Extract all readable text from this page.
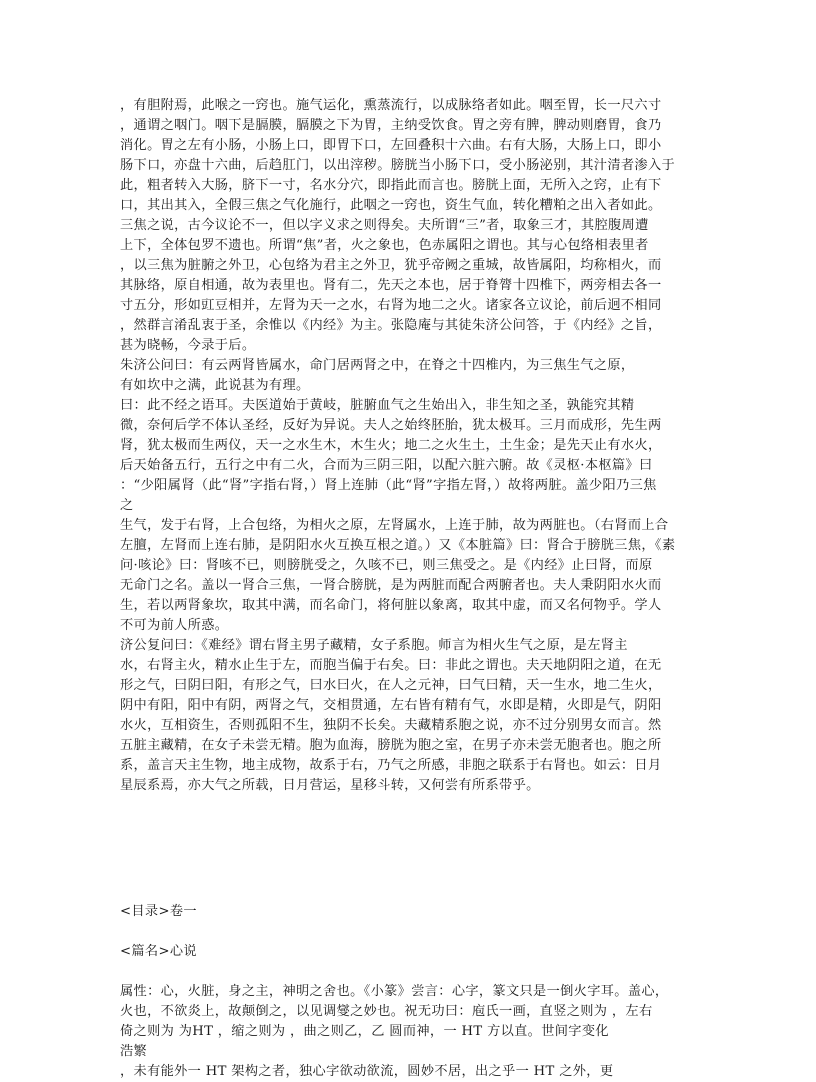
，有胆附焉，此喉之一窍也。施气运化，熏蒸流行，以成脉络者如此。咽至胃，长一尺六寸
，通谓之咽门。咽下是膈膜，膈膜之下为胃，主纳受饮食。胃之旁有脾，脾动则磨胃，食乃
消化。胃之左有小肠，小肠上口，即胃下口，左回叠积十六曲。右有大肠，大肠上口，即小
肠下口，亦盘十六曲，后趋肛门，以出滓秽。膀胱当小肠下口，受小肠泌别，其汁清者渗入于
此，粗者转入大肠，脐下一寸，名水分穴，即指此而言也。膀胱上面，无所入之窍，止有下
口，其出其入，全假三焦之气化施行，此咽之一窍也，资生气血，转化糟粕之出入者如此。
三焦之说，古今议论不一，但以字义求之则得矣。夫所谓“三”者，取象三才，其腔腹周遭
上下，全体包罗不遗也。所谓“焦”者，火之象也，色赤属阳之谓也。其与心包络相表里者
，以三焦为脏腑之外卫，心包络为君主之外卫，犹乎帝阙之重城，故皆属阳，均称相火，而
其脉络，原自相通，故为表里也。肾有二，先天之本也，居于脊膂十四椎下，两旁相去各一
寸五分，形如豇豆相并，左肾为天一之水，右肾为地二之火。诸家各立议论，前后迥不相同
，然群言淆乱衷于圣，余惟以《内经》为主。张隐庵与其徒朱济公问答，于《内经》之旨，
甚为晓畅，今录于后。
朱济公问曰：有云两肾皆属水，命门居两肾之中，在脊之十四椎内，为三焦生气之原，
有如坎中之满，此说甚为有理。
曰：此不经之语耳。夫医道始于黄岐，脏腑血气之生始出入，非生知之圣，孰能究其精
微，奈何后学不体认圣经，反好为异说。夫人之始终胚胎，犹太极耳。三月而成形，先生两
肾，犹太极而生两仪，天一之水生木，木生火；地二之火生土，土生金；是先天止有水火，
后天始备五行，五行之中有二火，合而为三阴三阳，以配六脏六腑。故《灵枢·本枢篇》曰
：“少阳属肾（此“肾”字指右肾，）肾上连肺（此“肾”字指左肾，）故将两脏。盖少阳乃三焦
之
生气，发于右肾，上合包络，为相火之原，左肾属水，上连于肺，故为两脏也。（右肾而上合
左膻，左肾而上连右肺，是阴阳水火互换互根之道。）又《本脏篇》曰：肾合于膀胱三焦，《素
问·咳论》曰：肾咳不已，则膀胱受之，久咳不已，则三焦受之。是《内经》止曰肾，而原
无命门之名。盖以一肾合三焦，一肾合膀胱，是为两脏而配合两腑者也。夫人秉阴阳水火而
生，若以两肾象坎，取其中满，而名命门，将何脏以象离，取其中虚，而又名何物乎。学人
不可为前人所惑。
济公复问曰：《难经》谓右肾主男子藏精，女子系胞。师言为相火生气之原，是左肾主
水，右肾主火，精水止生于左，而胞当偏于右矣。曰：非此之谓也。夫天地阴阳之道，在无
形之气，曰阴曰阳，有形之气，曰水曰火，在人之元神，曰气曰精，天一生水，地二生火，
阴中有阳，阳中有阴，两肾之气，交相贯通，左右皆有精有气，水即是精，火即是气，阴阳
水火，互相资生，否则孤阳不生，独阴不长矣。夫藏精系胞之说，亦不过分别男女而言。然
五脏主藏精，在女子未尝无精。胞为血海，膀胱为胞之室，在男子亦未尝无胞者也。胞之所
系，盖言天主生物，地主成物，故系于右，乃气之所感，非胞之联系于右肾也。如云：日月
星辰系焉，亦大气之所载，日月营运，星移斗转，又何尝有所系带乎。
<目录>卷一
<篇名>心说
属性：心，火脏，身之主，神明之舍也。《小篆》尝言：心字，篆文只是一倒火字耳。盖心，
火也，不欲炎上，故颠倒之，以见调燮之妙也。祝无功曰：庖氏一画，直竖之则为 ，左右
倚之则为 为HT ，缩之则为 ，曲之则乙，乙 圆而神，一 HT 方以直。世间字变化
浩繁
，未有能外一 HT 架构之者，独心字欲动欲流，圆妙不居，出之乎一 HT 之外，更
